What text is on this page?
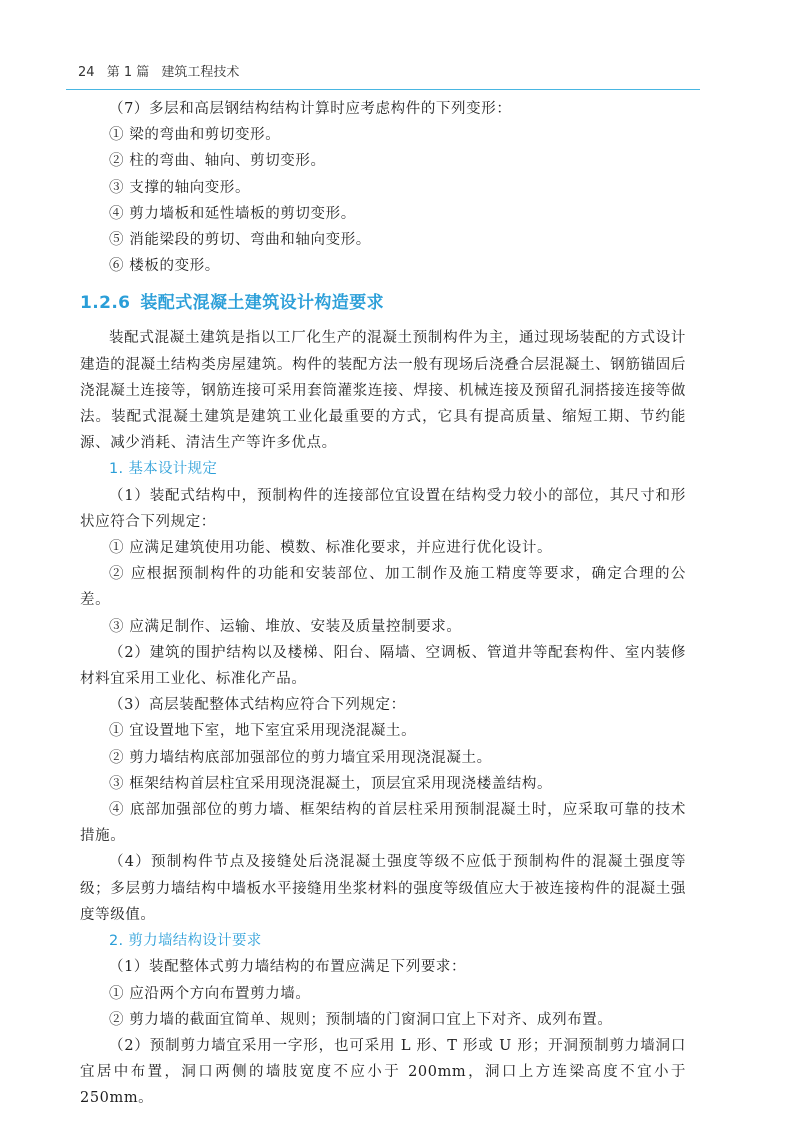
24 第 1 篇 建筑工程技术

（7）多层和高层钢结构结构计算时应考虑构件的下列变形：

① 梁的弯曲和剪切变形。

② 柱的弯曲、轴向、剪切变形。

③ 支撑的轴向变形。

④ 剪力墙板和延性墙板的剪切变形。

⑤ 消能梁段的剪切、弯曲和轴向变形。

⑥ 楼板的变形。

1.2.6 装配式混凝土建筑设计构造要求

装配式混凝土建筑是指以工厂化生产的混凝土预制构件为主，通过现场装配的方式设计建造的混凝土结构类房屋建筑。构件的装配方法一般有现场后浇叠合层混凝土、钢筋锚固后浇混凝土连接等，钢筋连接可采用套筒灌浆连接、焊接、机械连接及预留孔洞搭接连接等做法。装配式混凝土建筑是建筑工业化最重要的方式，它具有提高质量、缩短工期、节约能源、减少消耗、清洁生产等许多优点。

1. 基本设计规定

（1）装配式结构中，预制构件的连接部位宜设置在结构受力较小的部位，其尺寸和形状应符合下列规定：

① 应满足建筑使用功能、模数、标准化要求，并应进行优化设计。

② 应根据预制构件的功能和安装部位、加工制作及施工精度等要求，确定合理的公差。

③ 应满足制作、运输、堆放、安装及质量控制要求。

（2）建筑的围护结构以及楼梯、阳台、隔墙、空调板、管道井等配套构件、室内装修材料宜采用工业化、标准化产品。

（3）高层装配整体式结构应符合下列规定：

① 宜设置地下室，地下室宜采用现浇混凝土。

② 剪力墙结构底部加强部位的剪力墙宜采用现浇混凝土。

③ 框架结构首层柱宜采用现浇混凝土，顶层宜采用现浇楼盖结构。

④ 底部加强部位的剪力墙、框架结构的首层柱采用预制混凝土时，应采取可靠的技术措施。

（4）预制构件节点及接缝处后浇混凝土强度等级不应低于预制构件的混凝土强度等级；多层剪力墙结构中墙板水平接缝用坐浆材料的强度等级值应大于被连接构件的混凝土强度等级值。

2. 剪力墙结构设计要求

（1）装配整体式剪力墙结构的布置应满足下列要求：

① 应沿两个方向布置剪力墙。

② 剪力墙的截面宜简单、规则；预制墙的门窗洞口宜上下对齐、成列布置。

（2）预制剪力墙宜采用一字形，也可采用 L 形、T 形或 U 形；开洞预制剪力墙洞口宜居中布置，洞口两侧的墙肢宽度不应小于 200mm，洞口上方连梁高度不宜小于 250mm。
